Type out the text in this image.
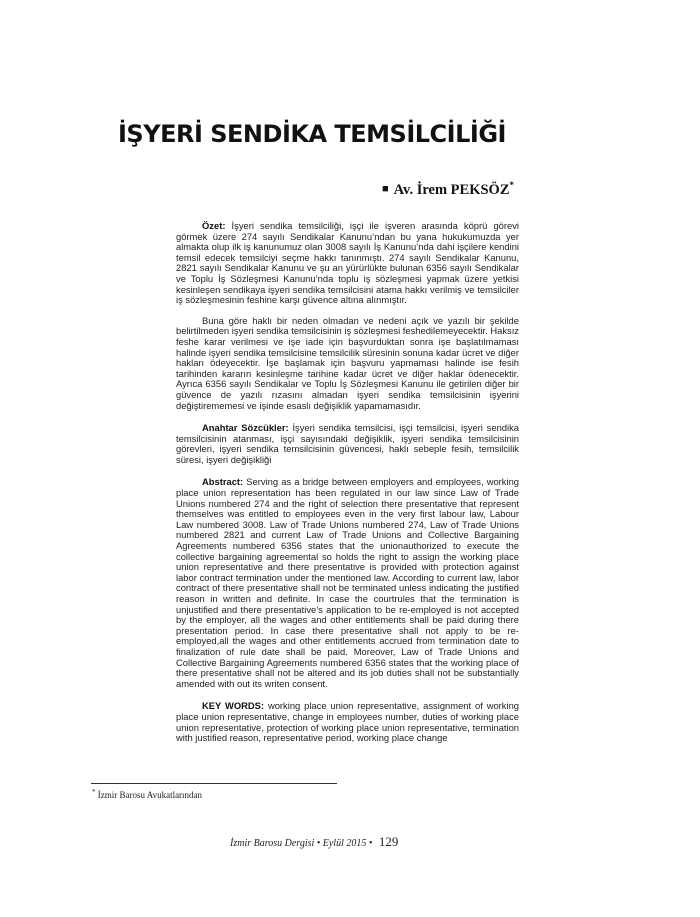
İŞYERİ SENDİKA TEMSİLCİLİĞİ
■ Av. İrem PEKSÖZ*

Özet: İşyeri sendika temsilciliği, işçi ile işveren arasında köprü görevi görmek üzere 274 sayılı Sendikalar Kanunu’ndan bu yana hukukumuzda yer almakta olup ilk iş kanunumuz olan 3008 sayılı İş Kanunu’nda dahi işçilere kendini temsil edecek temsilciyi seçme hakkı tanınmıştı. 274 sayılı Sendikalar Kanunu, 2821 sayılı Sendikalar Kanunu ve şu an yürürlükte bulunan 6356 sayılı Sendikalar ve Toplu İş Sözleşmesi Kanunu’nda toplu iş sözleşmesi yapmak üzere yetkisi kesinleşen sendikaya işyeri sendika temsilcisini atama hakkı verilmiş ve temsilciler iş sözleşmesinin feshine karşı güvence altına alınmıştır.

Buna göre haklı bir neden olmadan ve nedeni açık ve yazılı bir şekilde belirtilmeden işyeri sendika temsilcisinin iş sözleşmesi feshedilemeyecektir. Haksız feshe karar verilmesi ve işe iade için başvurduktan sonra işe başlatılmaması halinde işyeri sendika temsilcisine temsilcilik süresinin sonuna kadar ücret ve diğer hakları ödeyecektir. İşe başlamak için başvuru yapmaması halinde ise fesih tarihinden kararın kesinleşme tarihine kadar ücret ve diğer haklar ödenecektir. Ayrıca 6356 sayılı Sendikalar ve Toplu İş Sözleşmesi Kanunu ile getirilen diğer bir güvence de yazılı rızasını almadan işyeri sendika temsilcisinin işyerini değiştirememesi ve işinde esaslı değişiklik yapamamasıdır.

Anahtar Sözcükler: İşyeri sendika temsilcisi, işçi temsilcisi, işyeri sendika temsilcisinin atanması, işçi sayısındaki değişiklik, işyeri sendika temsilcisinin görevleri, işyeri sendika temsilcisinin güvencesi, haklı sebeple fesih, temsilcilik süresi, işyeri değişikliği

Abstract: Serving as a bridge between employers and employees, working place union representation has been regulated in our law since Law of Trade Unions numbered 274 and the right of selection there presentative that represent themselves was entitled to employees even in the very first labour law, Labour Law numbered 3008. Law of Trade Unions numbered 274, Law of Trade Unions numbered 2821 and current Law of Trade Unions and Collective Bargaining Agreements numbered 6356 states that the unionauthorized to execute the collective bargaining agreemental so holds the right to assign the working place union representative and there presentative is provided with protection against labor contract termination under the mentioned law. According to current law, labor contract of there presentative shall not be terminated unless indicating the justified reason in written and definite. In case the courtrules that the termination is unjustified and there presentative’s application to be re-employed is not accepted by the employer, all the wages and other entitlements shall be paid during there presentation period. In case there presentative shall not apply to be re-employed,all the wages and other entitlements accrued from termination date to finalization of rule date shall be paid. Moreover, Law of Trade Unions and Collective Bargaining Agreements numbered 6356 states that the working place of there presentative shall not be altered and its job duties shall not be substantially amended with out its writen consent.

KEY WORDS: working place union representative, assignment of working place union representative, change in employees number, duties of working place union representative, protection of working place union representative, termination with justified reason, representative period, working place change

* İzmir Barosu Avukatlarından
İzmir Barosu Dergisi • Eylül 2015 • 129
